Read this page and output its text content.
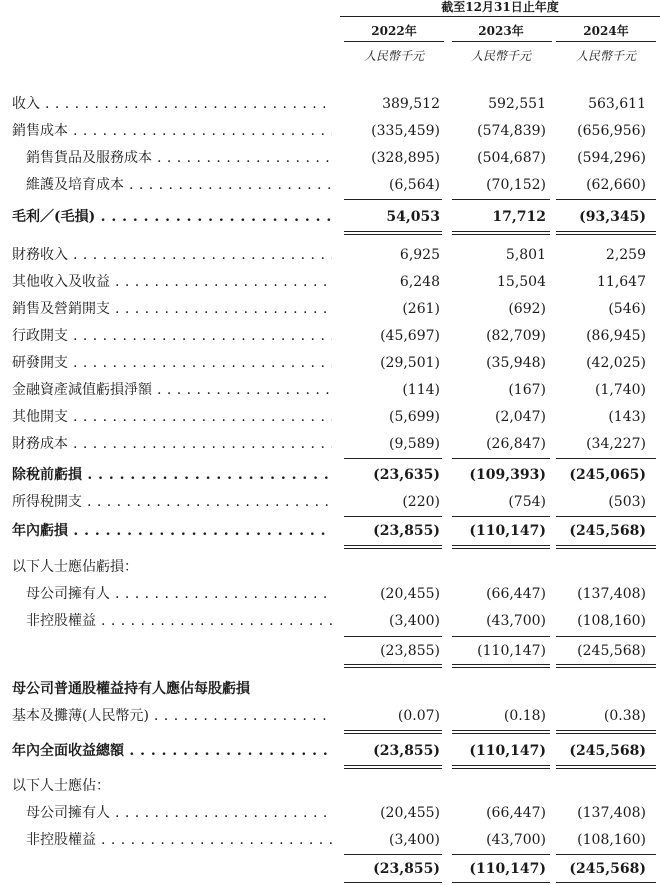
截至12月31日止年度
2022年	2023年	2024年
人民幣千元	人民幣千元	人民幣千元
收入 . . .	389,512	592,551	563,611
銷售成本 . . .	(335,459)	(574,839)	(656,956)
銷售貨品及服務成本 . . .	(328,895)	(504,687)	(594,296)
維護及培育成本 . . .	(6,564)	(70,152)	(62,660)
毛利／(毛損) . . .	54,053	17,712	(93,345)
財務收入 . . .	6,925	5,801	2,259
其他收入及收益 . . .	6,248	15,504	11,647
銷售及營銷開支 . . .	(261)	(692)	(546)
行政開支 . . .	(45,697)	(82,709)	(86,945)
研發開支 . . .	(29,501)	(35,948)	(42,025)
金融資產減值虧損淨額 . . .	(114)	(167)	(1,740)
其他開支 . . .	(5,699)	(2,047)	(143)
財務成本 . . .	(9,589)	(26,847)	(34,227)
除稅前虧損 . . .	(23,635)	(109,393)	(245,065)
所得稅開支 . . .	(220)	(754)	(503)
年內虧損 . . .	(23,855)	(110,147)	(245,568)
以下人士應佔虧損：
母公司擁有人 . . .	(20,455)	(66,447)	(137,408)
非控股權益 . . .	(3,400)	(43,700)	(108,160)
(23,855)	(110,147)	(245,568)
母公司普通股權益持有人應佔每股虧損
基本及攤薄(人民幣元) . . .	(0.07)	(0.18)	(0.38)
年內全面收益總額 . . .	(23,855)	(110,147)	(245,568)
以下人士應佔：
母公司擁有人 . . .	(20,455)	(66,447)	(137,408)
非控股權益 . . .	(3,400)	(43,700)	(108,160)
(23,855)	(110,147)	(245,568)
